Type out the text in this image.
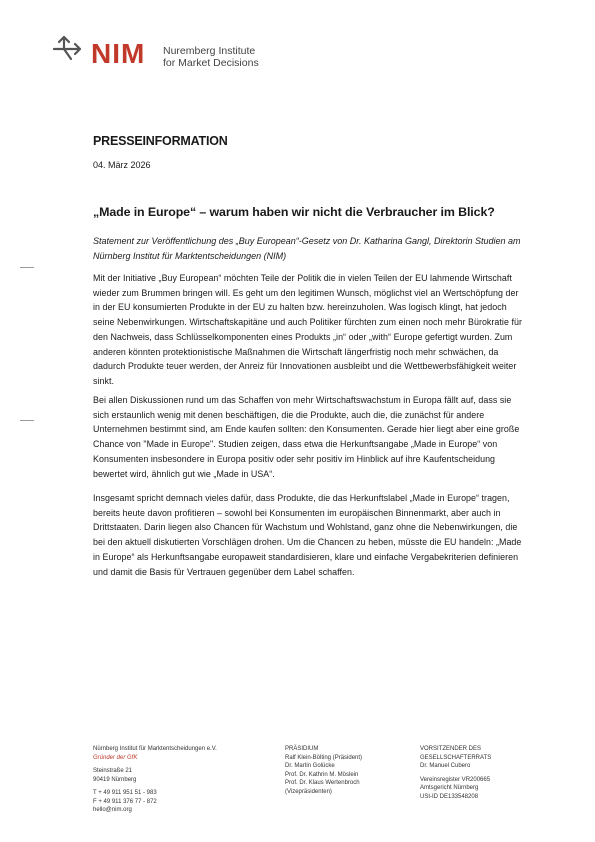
NIM Nuremberg Institute
for Market Decisions
PRESSEINFORMATION
04. März 2026
„Made in Europe“ – warum haben wir nicht die Verbraucher im Blick?
Statement zur Veröffentlichung des „Buy European“-Gesetz von Dr. Katharina Gangl, Direktorin Studien am Nürnberg Institut für Marktentscheidungen (NIM)
Mit der Initiative „Buy European“ möchten Teile der Politik die in vielen Teilen der EU lahmende Wirtschaft wieder zum Brummen bringen will. Es geht um den legitimen Wunsch, möglichst viel an Wertschöpfung der in der EU konsumierten Produkte in der EU zu halten bzw. hereinzuholen. Was logisch klingt, hat jedoch seine Nebenwirkungen. Wirtschaftskapitäne und auch Politiker fürchten zum einen noch mehr Bürokratie für den Nachweis, dass Schlüsselkomponenten eines Produkts „in“ oder „with“ Europe gefertigt wurden. Zum anderen könnten protektionistische Maßnahmen die Wirtschaft längerfristig noch mehr schwächen, da dadurch Produkte teuer werden, der Anreiz für Innovationen ausbleibt und die Wettbewerbsfähigkeit weiter sinkt.
Bei allen Diskussionen rund um das Schaffen von mehr Wirtschaftswachstum in Europa fällt auf, dass sie sich erstaunlich wenig mit denen beschäftigen, die die Produkte, auch die, die zunächst für andere Unternehmen bestimmt sind, am Ende kaufen sollten: den Konsumenten. Gerade hier liegt aber eine große Chance von "Made in Europe". Studien zeigen, dass etwa die Herkunftsangabe „Made in Europe“ von Konsumenten insbesondere in Europa positiv oder sehr positiv im Hinblick auf ihre Kaufentscheidung bewertet wird, ähnlich gut wie „Made in USA“.
Insgesamt spricht demnach vieles dafür, dass Produkte, die das Herkunftslabel „Made in Europe“ tragen, bereits heute davon profitieren – sowohl bei Konsumenten im europäischen Binnenmarkt, aber auch in Drittstaaten. Darin liegen also Chancen für Wachstum und Wohlstand, ganz ohne die Nebenwirkungen, die bei den aktuell diskutierten Vorschlägen drohen. Um die Chancen zu heben, müsste die EU handeln: „Made in Europe“ als Herkunftsangabe europaweit standardisieren, klare und einfache Vergabekriterien definieren und damit die Basis für Vertrauen gegenüber dem Label schaffen.
Nürnberg Institut für Marktentscheidungen e.V.
Gründer der GfK
Steinstraße 21
90419 Nürnberg
T + 49 911 951 51 - 983
F + 49 911 376 77 - 872
hello@nim.org
PRÄSIDIUM
Ralf Klein-Bölting (Präsident)
Dr. Martin Golücke
Prof. Dr. Kathrin M. Möslein
Prof. Dr. Klaus Wertenbroch
(Vizepräsidenten)
VORSITZENDER DES
GESELLSCHAFTERRATS
Dr. Manuel Cubero
Vereinsregister VR200665
Amtsgericht Nürnberg
USt-ID DE133548208
